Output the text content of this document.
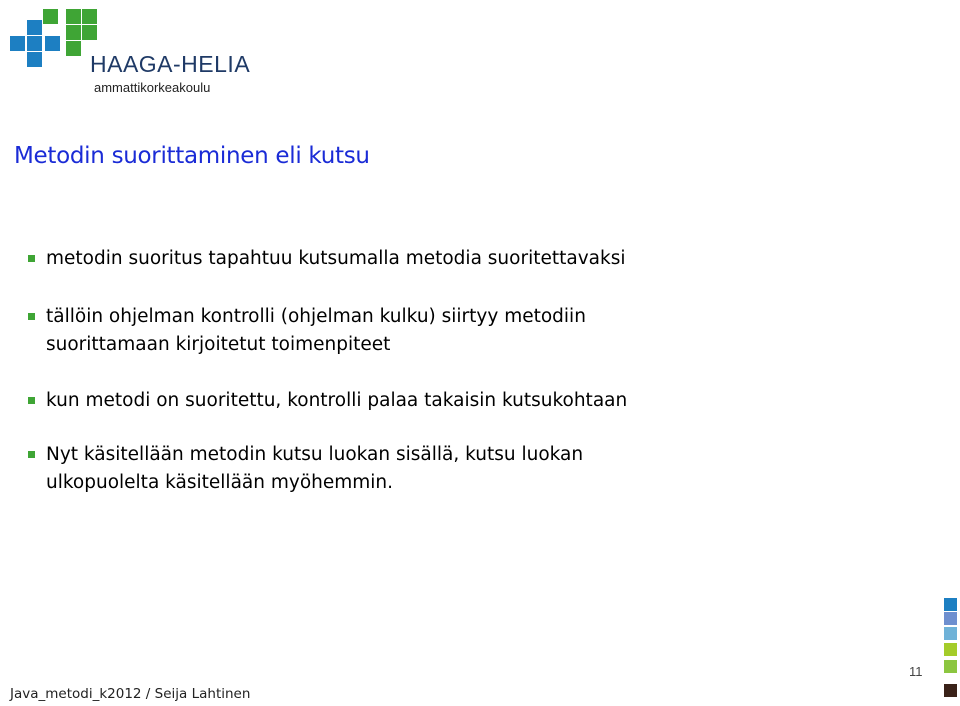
HAAGA-HELIA
ammattikorkeakoulu
Metodin suorittaminen eli kutsu
metodin suoritus tapahtuu kutsumalla metodia suoritettavaksi
tällöin ohjelman kontrolli (ohjelman kulku) siirtyy metodiin
suorittamaan kirjoitetut toimenpiteet
kun metodi on suoritettu, kontrolli palaa takaisin kutsukohtaan
Nyt käsitellään metodin kutsu luokan sisällä, kutsu luokan
ulkopuolelta käsitellään myöhemmin.
11
Java_metodi_k2012 / Seija Lahtinen
